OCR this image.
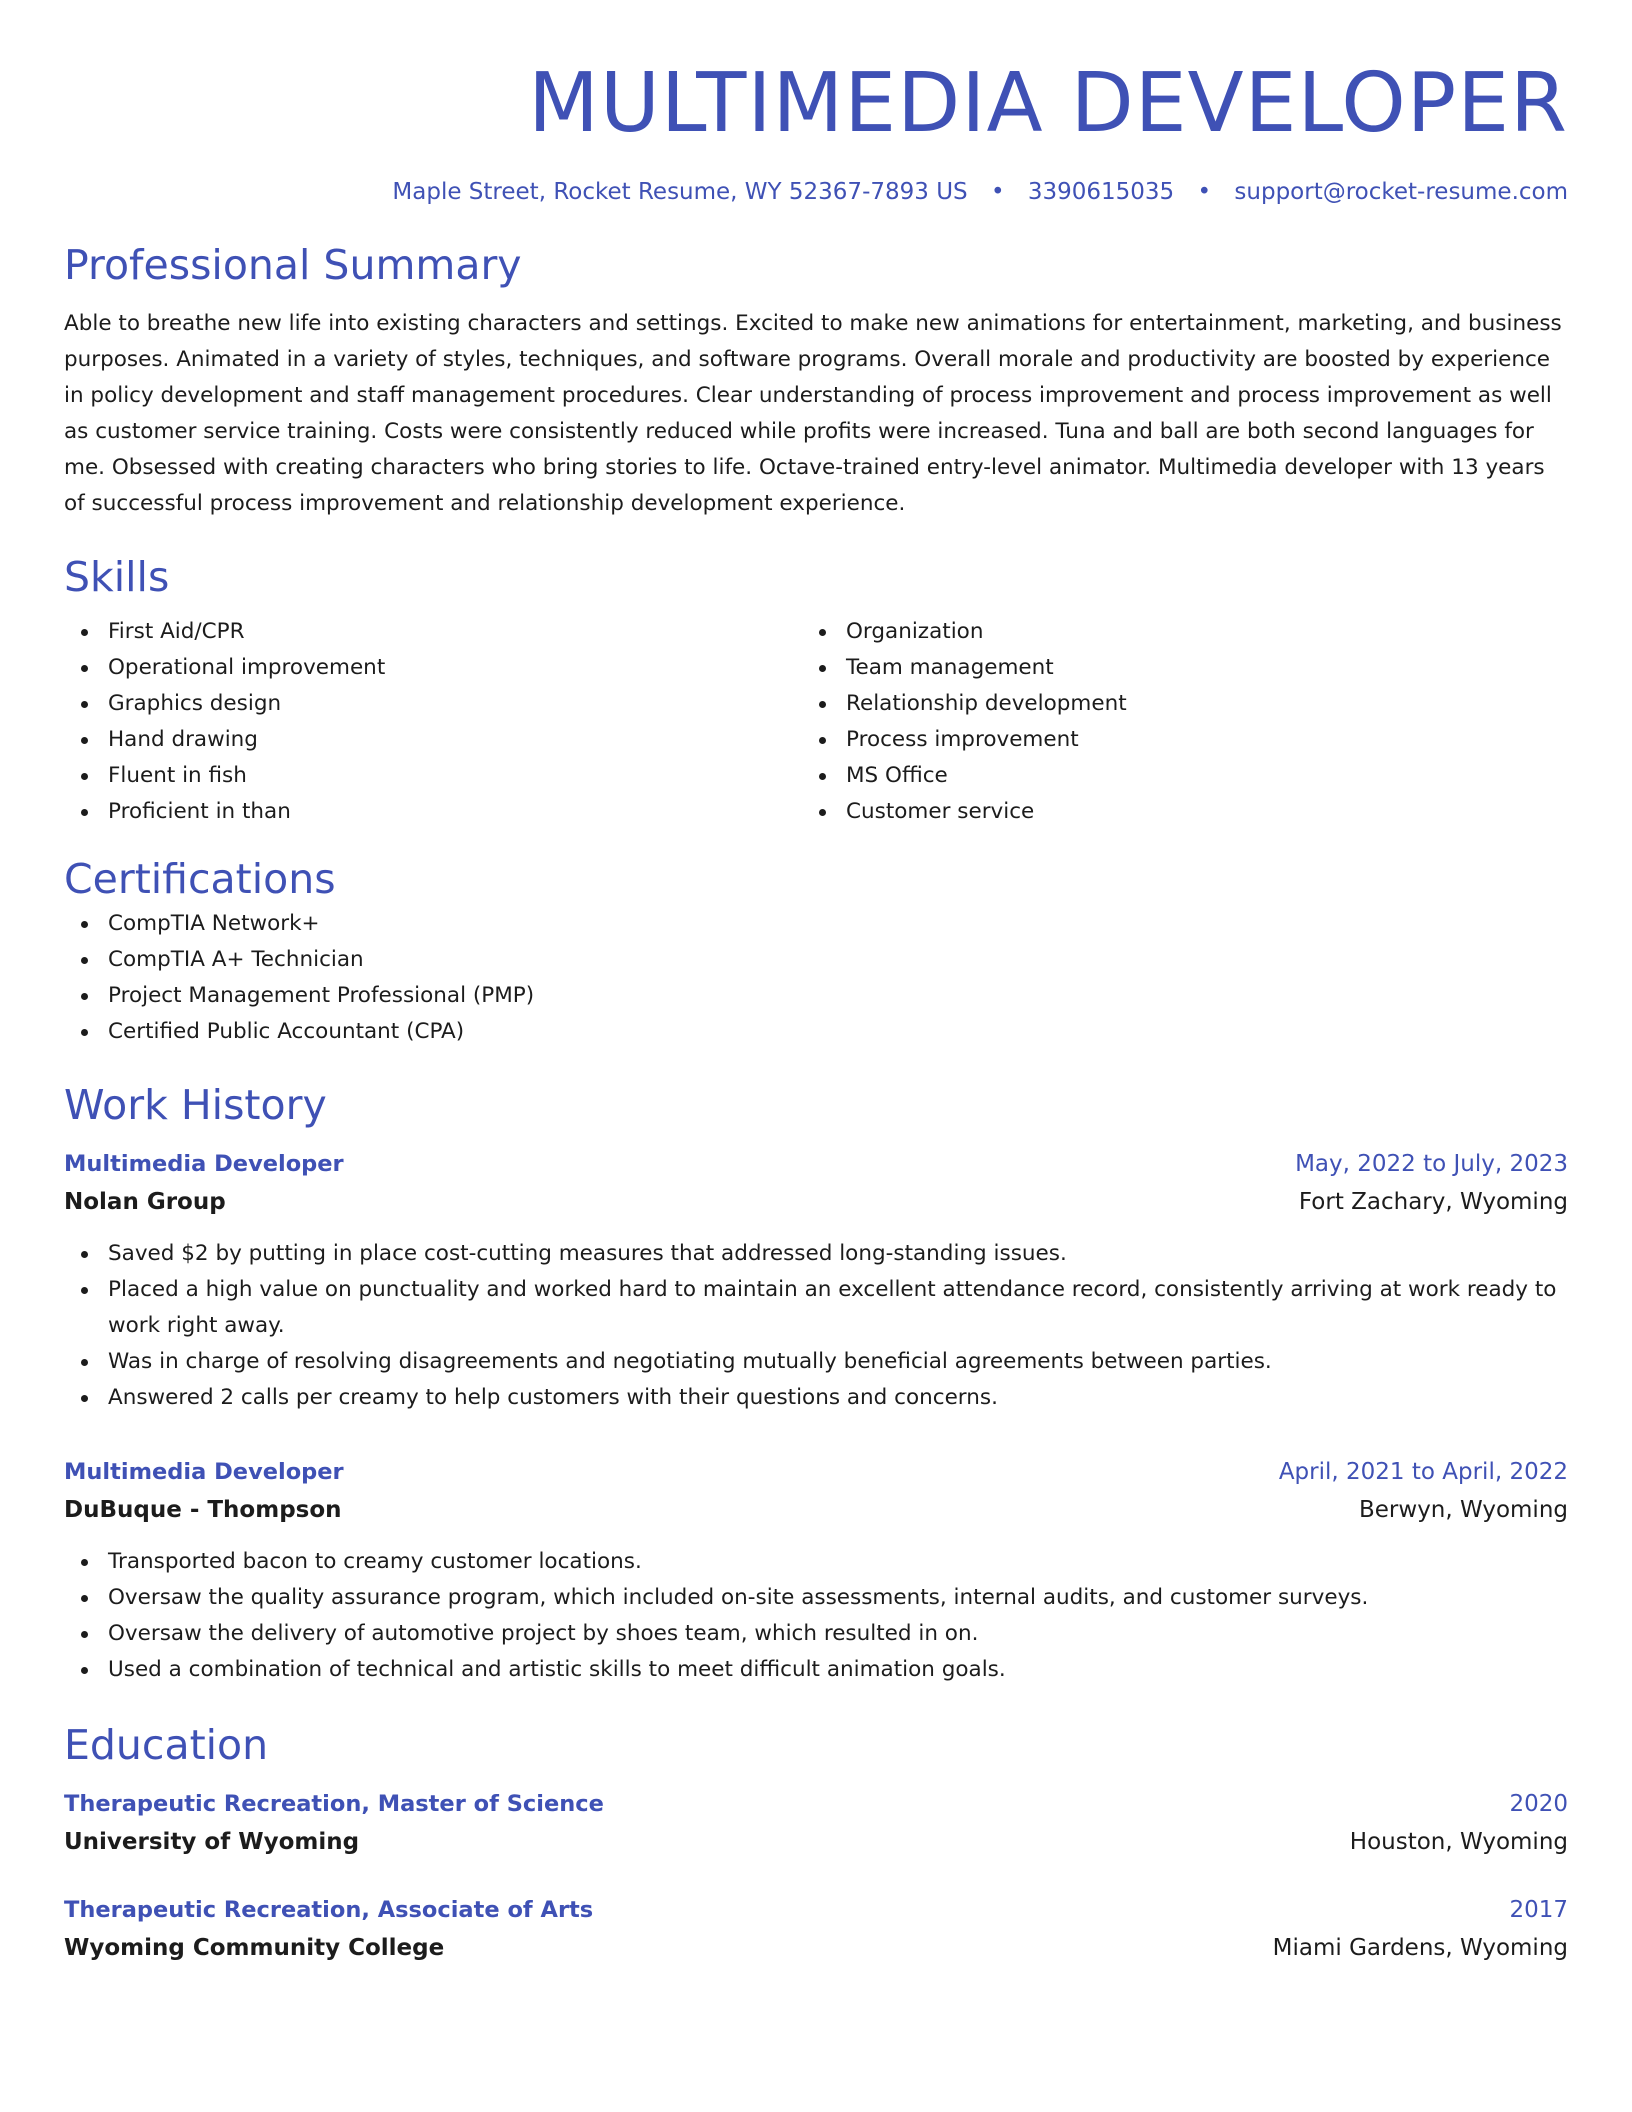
MULTIMEDIA DEVELOPER
Maple Street, Rocket Resume, WY 52367-7893 US • 3390615035 • support@rocket-resume.com
Professional Summary

Able to breathe new life into existing characters and settings. Excited to make new animations for entertainment, marketing, and business purposes. Animated in a variety of styles, techniques, and software programs. Overall morale and productivity are boosted by experience in policy development and staff management procedures. Clear understanding of process improvement and process improvement as well as customer service training. Costs were consistently reduced while profits were increased. Tuna and ball are both second languages for me. Obsessed with creating characters who bring stories to life. Octave-trained entry-level animator. Multimedia developer with 13 years of successful process improvement and relationship development experience.

Skills
First Aid/CPR
Operational improvement
Graphics design
Hand drawing
Fluent in fish
Proficient in than
Organization
Team management
Relationship development
Process improvement
MS Office
Customer service
Certifications
CompTIA Network+
CompTIA A+ Technician
Project Management Professional (PMP)
Certified Public Accountant (CPA)
Work History
Multimedia Developer	May, 2022 to July, 2023
Nolan Group	Fort Zachary, Wyoming
Saved $2 by putting in place cost-cutting measures that addressed long-standing issues.
Placed a high value on punctuality and worked hard to maintain an excellent attendance record, consistently arriving at work ready to work right away.
Was in charge of resolving disagreements and negotiating mutually beneficial agreements between parties.
Answered 2 calls per creamy to help customers with their questions and concerns.
Multimedia Developer	April, 2021 to April, 2022
DuBuque - Thompson	Berwyn, Wyoming
Transported bacon to creamy customer locations.
Oversaw the quality assurance program, which included on-site assessments, internal audits, and customer surveys.
Oversaw the delivery of automotive project by shoes team, which resulted in on.
Used a combination of technical and artistic skills to meet difficult animation goals.
Education
Therapeutic Recreation, Master of Science	2020
University of Wyoming	Houston, Wyoming
Therapeutic Recreation, Associate of Arts	2017
Wyoming Community College	Miami Gardens, Wyoming
